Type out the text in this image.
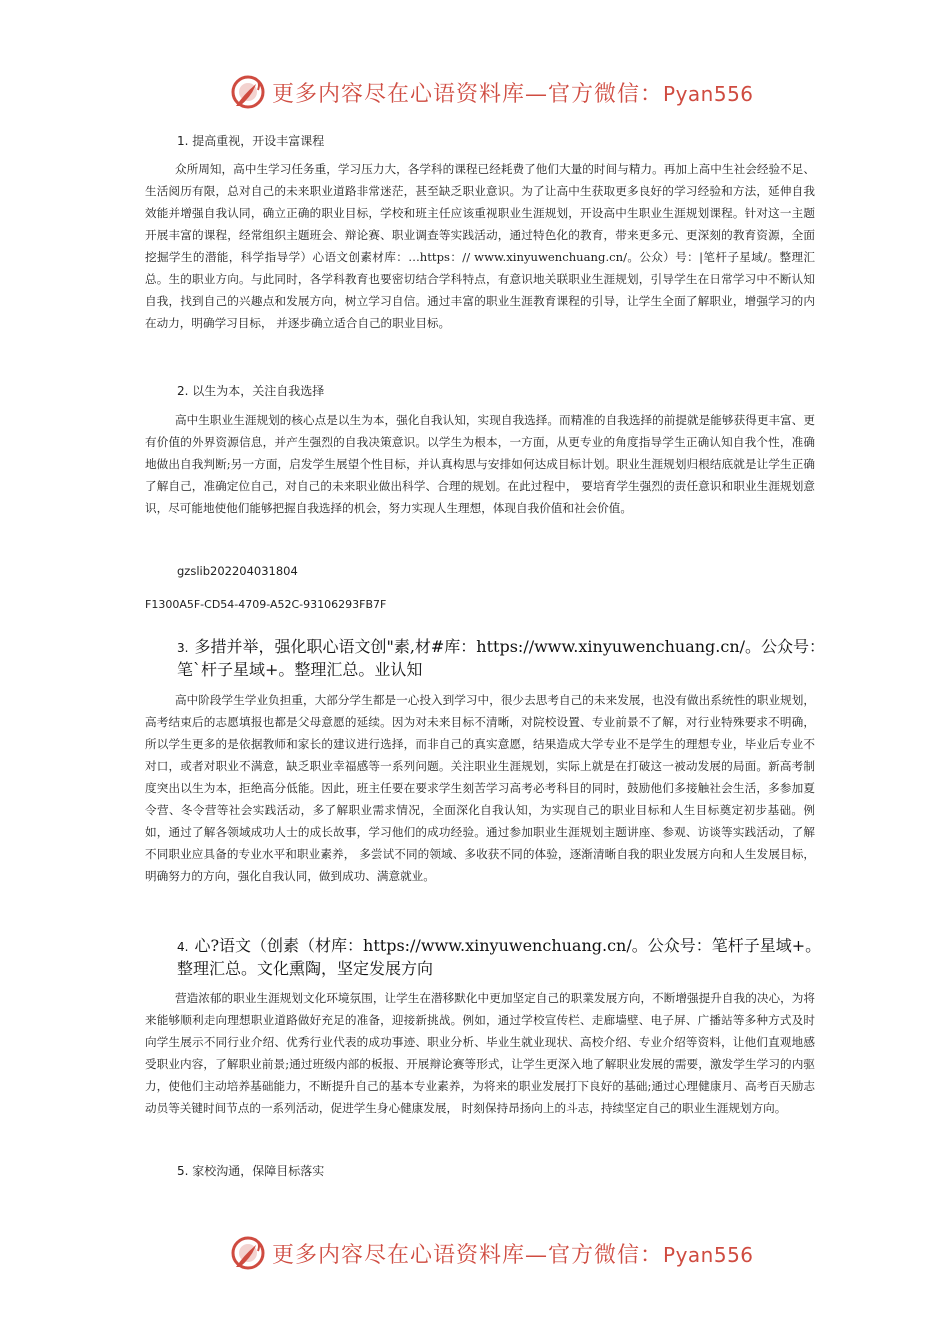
更多内容尽在心语资料库—官方微信：Pyan556
1. 提高重视，开设丰富课程

众所周知，高中生学习任务重，学习压力大，各学科的课程已经耗费了他们大量的时间与精力。再加上高中生社会经验不足、生活阅历有限，总对自己的未来职业道路非常迷茫，甚至缺乏职业意识。为了让高中生获取更多良好的学习经验和方法，延伸自我效能并增强自我认同，确立正确的职业目标，学校和班主任应该重视职业生涯规划，开设高中生职业生涯规划课程。针对这一主题开展丰富的课程，经常组织主题班会、辩论赛、职业调查等实践活动，通过特色化的教育，带来更多元、更深刻的教育资源，全面挖掘学生的潜能，科学指导学）心语文创素材库：…https：// www.xinyuwenchuang.cn/。公众）号：|笔杆子星域/。整理汇总。生的职业方向。与此同时，各学科教育也要密切结合学科特点，有意识地关联职业生涯规划，引导学生在日常学习中不断认知自我，找到自己的兴趣点和发展方向，树立学习自信。通过丰富的职业生涯教育课程的引导，让学生全面了解职业，增强学习的内在动力，明确学习目标， 并逐步确立适合自己的职业目标。

2. 以生为本，关注自我选择

高中生职业生涯规划的核心点是以生为本，强化自我认知，实现自我选择。而精准的自我选择的前提就是能够获得更丰富、更有价值的外界资源信息，并产生强烈的自我决策意识。以学生为根本，一方面，从更专业的角度指导学生正确认知自我个性，准确地做出自我判断;另一方面，启发学生展望个性目标，并认真构思与安排如何达成目标计划。职业生涯规划归根结底就是让学生正确了解自己，准确定位自己，对自己的未来职业做出科学、合理的规划。在此过程中， 要培育学生强烈的责任意识和职业生涯规划意识，尽可能地使他们能够把握自我选择的机会，努力实现人生理想，体现自我价值和社会价值。

gzslib202204031804
F1300A5F-CD54-4709-A52C-93106293FB7F
3. 多措并举，强化职心语文创"素,材#库：https://www.xinyuwenchuang.cn/。公众号：笔`杆子星域+。整理汇总。业认知

高中阶段学生学业负担重，大部分学生都是一心投入到学习中，很少去思考自己的未来发展，也没有做出系统性的职业规划，高考结束后的志愿填报也都是父母意愿的延续。因为对未来目标不清晰，对院校设置、专业前景不了解，对行业特殊要求不明确，所以学生更多的是依据教师和家长的建议进行选择，而非自己的真实意愿，结果造成大学专业不是学生的理想专业，毕业后专业不对口，或者对职业不满意，缺乏职业幸福感等一系列问题。关注职业生涯规划，实际上就是在打破这一被动发展的局面。新高考制度突出以生为本，拒绝高分低能。因此，班主任要在要求学生刻苦学习高考必考科目的同时，鼓励他们多接触社会生活，多参加夏令营、冬令营等社会实践活动，多了解职业需求情况，全面深化自我认知，为实现自己的职业目标和人生目标奠定初步基础。例如，通过了解各领域成功人士的成长故事，学习他们的成功经验。通过参加职业生涯规划主题讲座、参观、访谈等实践活动，了解不同职业应具备的专业水平和职业素养， 多尝试不同的领域、多收获不同的体验，逐渐清晰自我的职业发展方向和人生发展目标，明确努力的方向，强化自我认同，做到成功、满意就业。

4. 心?语文（创素（材库：https://www.xinyuwenchuang.cn/。公众号：笔杆子星域+。整理汇总。文化熏陶，坚定发展方向

营造浓郁的职业生涯规划文化环境氛围，让学生在潜移默化中更加坚定自己的职業发展方向，不断增强提升自我的决心，为将来能够顺利走向理想职业道路做好充足的准备，迎接新挑战。例如，通过学校宣传栏、走廊墙壁、电子屏、广播站等多种方式及时向学生展示不同行业介绍、优秀行业代表的成功事迹、职业分析、毕业生就业现状、高校介绍、专业介绍等资料，让他们直观地感受职业内容，了解职业前景;通过班级内部的板报、开展辩论赛等形式，让学生更深入地了解职业发展的需要，激发学生学习的内驱力，使他们主动培养基础能力，不断提升自己的基本专业素养，为将来的职业发展打下良好的基础;通过心理健康月、高考百天励志动员等关键时间节点的一系列活动，促进学生身心健康发展， 时刻保持昂扬向上的斗志，持续坚定自己的职业生涯规划方向。

5. 家校沟通，保障目标落实
更多内容尽在心语资料库—官方微信：Pyan556
